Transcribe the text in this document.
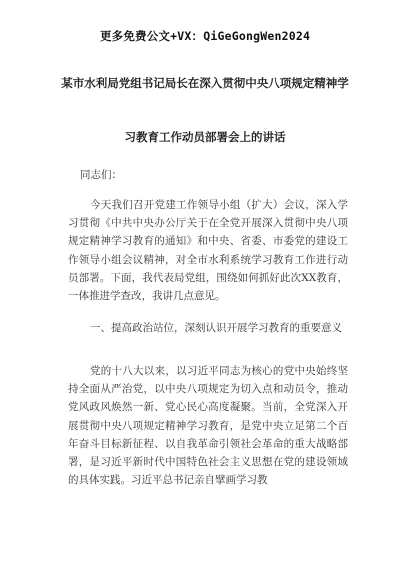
更多免费公文+VX：QiGeGongWen2024
某市水利局党组书记局长在深入贯彻中央八项规定精神学
习教育工作动员部署会上的讲话
同志们：

今天我们召开党建工作领导小组（扩大）会议，深入学习贯彻《中共中央办公厅关于在全党开展深入贯彻中央八项规定精神学习教育的通知》和中央、省委、市委党的建设工作领导小组会议精神，对全市水利系统学习教育工作进行动员部署。下面，我代表局党组，围绕如何抓好此次XX教育，一体推进学查改，我讲几点意见。

一、提高政治站位，深刻认识开展学习教育的重要意义

党的十八大以来，以习近平同志为核心的党中央始终坚持全面从严治党，以中央八项规定为切入点和动员令，推动党风政风焕然一新、党心民心高度凝聚。当前，全党深入开展贯彻中央八项规定精神学习教育，是党中央立足第二个百年奋斗目标新征程、以自我革命引领社会革命的重大战略部署，是习近平新时代中国特色社会主义思想在党的建设领域的具体实践。习近平总书记亲自擘画学习教
